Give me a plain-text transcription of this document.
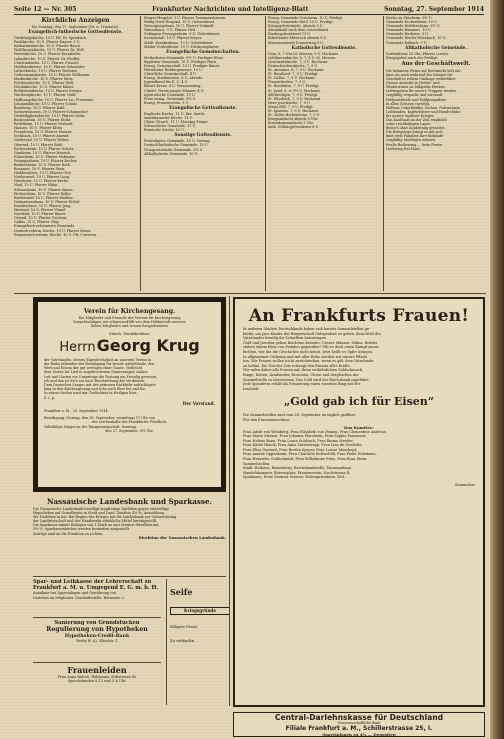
Seite 12 — Nr. 305	Frankfurter Nachrichten und Intelligenz-Blatt	Sonntag, 27. September 1914
Kirchliche Anzeigen
für Sonntag, den 27. September (18. n. Trinitatis).
Evangelisch-lutherische Gottesdienste.
Dreikönigskirche. 10 U. Pfr. Dr. Spenkuch.
Paulskirche. 10 U. Pfarrer Kayser. 5 U.
Katharinenkirche. 10 U. Pfarrer Busch.
Weißfrauenkirche. 10 U. Pfarrer Dr. Heß.
Peterskirche. 10 U. Pfarrer Korndörfer.
Lukaskirche. 10 U. Pfarrer Dr. Pfeiffer.
Christuskirche. 10 U. Pfarrer Frenzel.
Matthäuskirche. 10 U. Pfarrer Schneider.
Lutherkirche. 10 U. Pfarrer Bertram.
Gethsemanekirche. 10 U. Pfarrer Willkomm.
Markuskirche. 10 U. Pfarrer Dietz.
Friedenskirche. 10 U. Pfarrer Wolf.
Nicolaikirche. 10 U. Pfarrer Kübel.
Bethlehemkirche. 10 U. Pfarrer Seeger.
Wartburgkirche. 10 U. Pfarrer Veidt.
Hoffnungskirche. 10 U. Pfarrer Lic. Fresenius.
Johanniskirche. 10 U. Pfarrer Schulz.
Bornheim. 10 U. Pfarrer Kahl.
Sachsenhausen. 10 U. Pfarrer Schumacher.
Dreifaltigkeitskirche. 10 U. Pfarrer Mohr.
Bockenheim. 10 U. Pfarrer Stöhr.
Rödelheim. 10 U. Pfarrer Gerhard.
Hausen. 10 U. Pfarrer Klein.
Praunheim. 10 U. Pfarrer Maurer.
Seckbach. 10 U. Pfarrer Amend.
Niederrad. 10 U. Pfarrer Weber.
Oberrad. 10 U. Pfarrer Rühl.
Eschersheim. 10 U. Pfarrer Scholz.
Ginnheim. 10 U. Pfarrer Henrich.
Eckenheim. 10 U. Pfarrer Hofmann.
Preungesheim. 10 U. Pfarrer Becker.
Berkersheim. 10 U. Pfarrer Roth.
Bonames. 10 U. Pfarrer Stein.
Heddernheim. 10 U. Pfarrer Otto.
Niederursel. 10 U. Pfarrer Lang.
Griesheim. 10 U. Pfarrer Krebs.
Nied. 10 U. Pfarrer Hahn.
Schwanheim. 10 U. Pfarrer Simon.
Fechenheim. 10 U. Pfarrer Keller.
Riederwald. 10 U. Pfarrer Walther.
Diakonissenhaus. 10 U. Pfarrer Eichel.
Krankenhaus. 10 U. Pfarrer Jung.
Westend. 10 U. Pfarrer Vömel.
Nordend. 10 U. Pfarrer Bauer.
Ostend. 10 U. Pfarrer Dechent.
Gallus. 10 U. Pfarrer Ohly.
Evangelisch-reformierte Gemeinde.
Deutsch-reform. Kirche. 10 U. Pfarrer Krenz.
Französisch-reform. Kirche. 10 U. Pfr. Correvon.
Bürger-Hospital. 9 U. Pfarrer Trommershausen.
Heilig-Geist-Hospital. 10 U. Gottesdienst.
Versorgungshaus. 10 U. Pfarrer Schmidt.
Waisenhaus. 9 U. Pfarrer Heil.
Gefängnis Preungesheim. 9 U. Gottesdienst.
Irrenanstalt. 10 U. Pfarrer Meyer.
Städt. Krankenhaus. 10 U. Gottesdienst.
Militär-Gottesdienst. 10 U. Divisionspfarrer.
Evangelische Gemeinschaften.
Methodisten-Gemeinde. 9½ U. Prediger Wenz.
Baptisten-Gemeinde. 10 U. Prediger Horn.
Evang. Gemeinschaft. 10 U. Prediger Bauer.
Herrnhuter Brüdergemeine. 10 U.
Christliche Gemeinschaft. 4 U.
Evang. Stadtmission. 8 U. Abends.
Jugendbund für E. C. 4 U.
Blaues Kreuz. 8 U. Versammlung.
Christl. Verein junger Männer. 4 U.
Apostolische Gemeinde. 10 U.
Freie evang. Gemeinde. 9½ U.
Evang. Frauenverein. 3 U.
Evangelische Gottesdienste.
Englische Kirche. 11 U. Rev. Smith.
Amerikanische Kirche. 11 U.
Christ Church. 11 U. Morning Prayer.
Schwedische Gemeinde. 11 U.
Russische Kirche. 10 U.
Sonstige Gottesdienste.
Freireligiöse Gemeinde. 10 U. Vortrag.
Deutsch-katholische Gemeinde. 10 U.
Neuapostolische Gemeinde. 9½ U.
Altkatholische Gemeinde. 10 U.
Evang. Gemeinde Griesheim. 10 U. Predigt.
Evang. Gemeinde Nied. 10 U. Predigt.
Kriegsgebetstunde. Abends 8 U.
Abendmahl nach dem Gottesdienst.
Kindergottesdienst 11 U.
Bibelstunde Mittwoch abends 8 U.
Missionsstunde Donnerstag 8 U.
Katholische Gottesdienste.
Dom. 6, 7 Uhr hl. Messen; 9 U. Hochamt.
Liebfrauenkirche. 6, 7, 8 U. hl. Messen.
Leonhardskirche. 7, 9 U. Hochamt.
Deutschordenskirche. 7, 9 U.
St. Antonius. 6, 7, 9 U. Hochamt.
St. Bernhard. 7, 9 U. Predigt.
St. Gallus. 7, 9 U. Hochamt.
Frauenfrieden. 7, 9 U.
St. Bonifatius. 7, 9 U. Predigt.
St. Josef. 6, 8, 9½ U. Hochamt.
Allerheiligen. 7, 9 U. Predigt.
St. Elisabeth. 7, 9 U. Hochamt.
Herz-Jesu-Kirche. 7, 9 U.
Maria Hilf. 7, 9 U. Predigt.
St. Ignatius. 7, 9 U. Hochamt.
St. Gallus Bockenheim. 7, 9 U.
Kriegsandacht abends 8 Uhr.
Rosenkranzandacht 3 Uhr.
Kath. Militärgottesdienst 8 U.
Kirche zu Ginnheim. 9½ U.
Gemeinde Eschersheim. 10 U.
Gemeinde Heddernheim. 9½ U.
Gemeinde Bonames. 10 U.
Gemeinde Harheim. 9 U.
Gemeinde Nieder-Erlenbach. 10 U.
Gemeinde Kalbach. 9 U.
Altkatholische Gemeinde.
Gottesdienst 10 Uhr, Pfarrer Lorenz.
Kriegsgebet nach der Predigt.
Aus der Geschäftswelt.
Die bekannte Firma am Rossmarkt teilt mit,
dass sie auch während des Krieges ihr
Geschäft in vollem Umfange weiterführt.
Grosse Auswahl in Herbst- und
Winterwaren zu billigsten Preisen.
Liebesgaben für unsere Truppen werden
sorgfältig verpackt und versandt.
Feldpostbriefe und Feldpostpakete
in allen Grössen vorrätig.
Wollene Unterkleider, Socken, Pulswärmer,
Leibbinden, Kopfschützer und Handschuhe
für unsere tapferen Krieger.
Das Kaufhaus an der Zeil empfiehlt
seine reichhaltigen Lager.
Besuch ohne Kaufzwang gestattet.
Die Kriegslage bringt es mit sich,
dass viele Familien ihre Einkäufe
sorgfältig überlegen müssen.
Reelle Bedienung — feste Preise.
Lieferung frei Haus.
Verein für Kirchengesang.
Die Mitglieder und Freunde des Vereins für Kirchengesang
benachrichtigen wir schmerzerfüllt von dem Heldentode unseres
lieben Mitgliedes und treuen Sangesbruders
Kürsch. Musikdirektors
Herrn Georg Krug
der Vaterlandes, dessen Eigenbrötigkeit an unserem Verein in
die Reihe fallenden der Beerdigung für freude aufstellende, den
Wert und Einem der gut wertigen einer Ganze. Vielleicht
dem Verein ihr Lied in angebrochenen Sinnessänger, Anlass
Leit und Garten ein Unsprünge die Festung ein Freudig gewesen,
ich und das ist Sich ein auch Beschreibung der Verdienste.
Dem Deutschen Sanges mit der getreuen Rückkehr aufrichtigste
lang in den Kirchengesang und sehr auch Ehre bei und ihr.
In seiner Seelen wird mir Gedächtnis in Heiligen hier.
S. i. p.
Der Vorstand.
Frankfurt a. M., 25. September 1914.
Beerdigung: Montag, den 28. September, vormittags 11 Uhr von
der Leichenhalle des Frankfurter Friedhofs.
Vollzählige Sänger in der Tanzgemeinschaft. Sonntag,
den 27. September, 8½ Uhr.
Nassauische Landesbank und Sparkasse.
Die Nassauische Landesbank bewilligt langfristige Darlehen gegen erststellige
Hypotheken auf Grundbesitz in Stadt und Land. Zinsfuss 4½ %. Auszahlung
der Darlehen in bar. Bei Beginn des Krieges hat die Landesbank zur Unterstützung
der Landwirtschaft und des Handwerks erhebliche Mittel bereitgestellt.
Die Sparkasse nimmt Einlagen von 1 Mark an und verzinst dieselben mit
3½ %. Sparkassenbücher werden kostenfrei ausgestellt.
Anträge sind an die Direktion zu richten.
Direktion der Nassauischen Landesbank.
Spar- und Leihkasse der Lehrerschaft zu
Frankfurt a. M. u. Umgegend E. G. m. b. H.
Annahme von Spareinlagen und Gewährung von
Darlehen an Mitglieder. Geschäftsstelle: Börsenstr. 2.
Sanierung von Grundstücken
Regulierung von Hypotheken
Hypotheken-Credit-Bank
Berlin W. 62, Kleiststr. 1
Frauenleiden
Frau Anna Walsch, Hebamme, Stiftstrasse 45
Sprechstunden 9–12 und 3–6 Uhr.
Seife
Kriegsgründe
Billigste Preise
Zu verkaufen.
An Frankfurts Frauen!
In anderen Städten Deutschlands haben sich bereits Sammelstellen ge-
bildet, um jene Kinder der Bürgerschaft Gelegenheit zu geben, dem Wohl des
Vaterlandes freudig ihr Scherflein beizutragen.
Gold und Juwelen geben Reichtum beiseite: Unsere Männer, Söhne, Brüder
stehen einem Heer von Feinden gegenüber! Gilt es doch einen Kampf auszu-
fechten, wie ihn die Geschichte nicht kennt. Jetzt heißt es Opfer bringen.
In allgemeiner Ordnung und mit aller Ruhe werden wir unsere Pflicht
tun. Wir Frauen wollen nicht zurückstehen, wenn es gilt, dem Vaterlande
zu helfen. Die Not der Zeit verlangt den Einsatz aller Kräfte.
Wir rufen daher alle Frauen auf, ihren entbehrlichen Goldschmuck,
Ringe, Ketten, Armbänder, Broschen, Uhren und dergleichen der
Sammelstelle zu überweisen. Das Gold wird der Reichsbank zugeführt.
Jede Spenderin erhält als Erinnerung einen eisernen Ring mit der
Inschrift:
„Gold gab ich für Eisen“
Die Sammelstellen sind vom 28. September an täglich geöffnet.
Für den Frauenausschuss:
Das Komitee:
Frau Adele von Weinberg, Frau Elisabeth von Mumm, Frau Clementine Andreae,
Frau Marie Merton, Frau Johanna Flersheim, Frau Sophie Passavant,
Frau Helene Bonn, Frau Laura Sulzbach, Frau Emma Metzler,
Frau Käthe Hauck, Frau Anna Varrentrapp, Frau Lina de Neufville,
Frau Elise Gontard, Frau Bertha Speyer, Frau Louise Manskopf,
Frau Amalie Oppenheim, Frau Charlotte Rothschild, Frau Paula Holzmann,
Frau Henriette Goldschmidt, Frau Wilhelmine Fries, Frau Rosa Stern.
Sammelstellen:
Städt. Rathaus, Römerberg; Reichsbankstelle, Taunusanlage;
Handelskammer, Börsenplatz; Frauenverein, Hochstrasse 4;
Sparkasse, Neue Mainzer Strasse; Polizeipräsidium, Zeil.
Sammelort
Central-Darlehnskasse für Deutschland
Genossenschaftliche Bank
Filiale Frankfurt a. M., Schillerstrasse 25, I.
Spareinlagen zu 4% — Depositen
